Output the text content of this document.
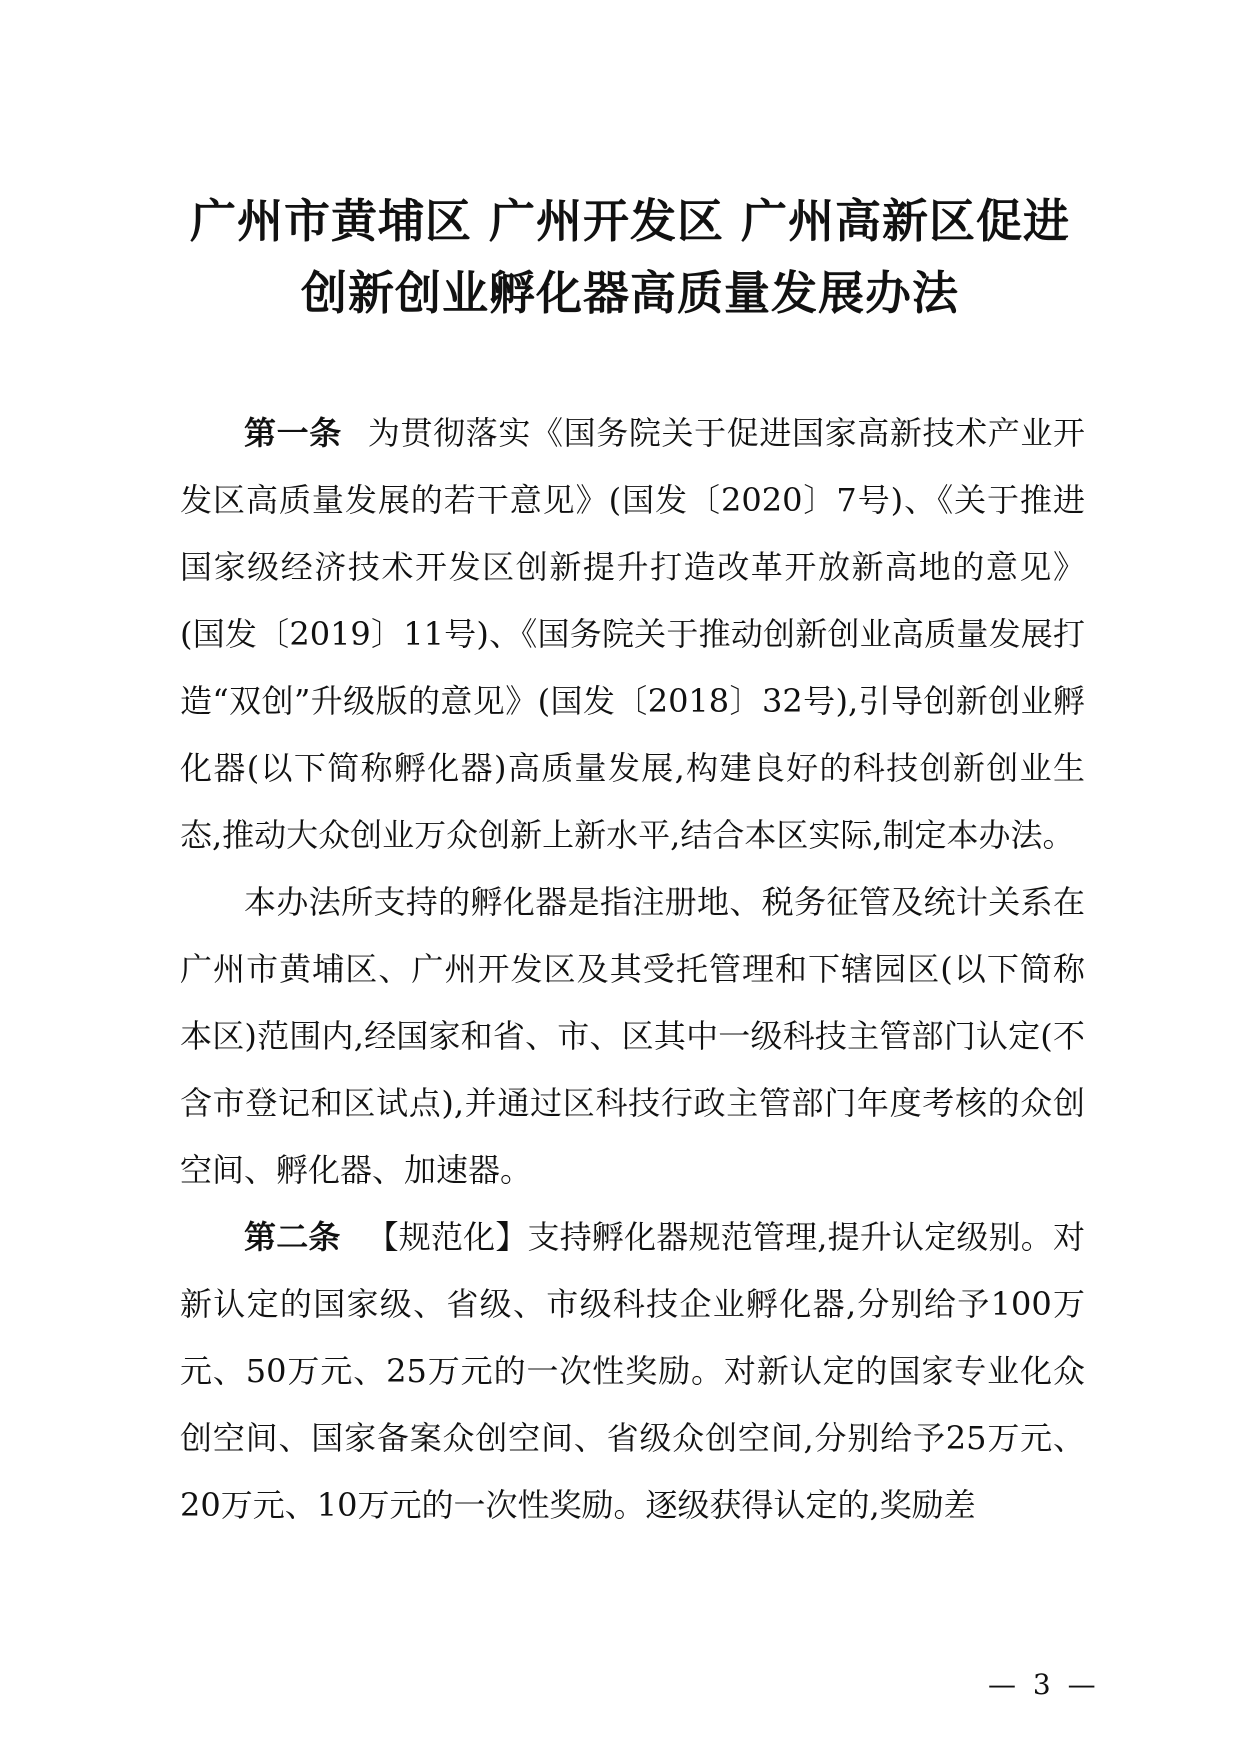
广州市黄埔区 广州开发区 广州高新区促进
创新创业孵化器高质量发展办法

第一条 为贯彻落实《国务院关于促进国家高新技术产业开发区高质量发展的若干意见》(国发〔2020〕7号)、《关于推进国家级经济技术开发区创新提升打造改革开放新高地的意见》(国发〔2019〕11号)、《国务院关于推动创新创业高质量发展打造“双创”升级版的意见》(国发〔2018〕32号),引导创新创业孵化器(以下简称孵化器)高质量发展,构建良好的科技创新创业生态,推动大众创业万众创新上新水平,结合本区实际,制定本办法。

本办法所支持的孵化器是指注册地、税务征管及统计关系在广州市黄埔区、广州开发区及其受托管理和下辖园区(以下简称本区)范围内,经国家和省、市、区其中一级科技主管部门认定(不含市登记和区试点),并通过区科技行政主管部门年度考核的众创空间、孵化器、加速器。

第二条 【规范化】支持孵化器规范管理,提升认定级别。对新认定的国家级、省级、市级科技企业孵化器,分别给予100万元、50万元、25万元的一次性奖励。对新认定的国家专业化众创空间、国家备案众创空间、省级众创空间,分别给予25万元、20万元、10万元的一次性奖励。逐级获得认定的,奖励差

— 3 —
